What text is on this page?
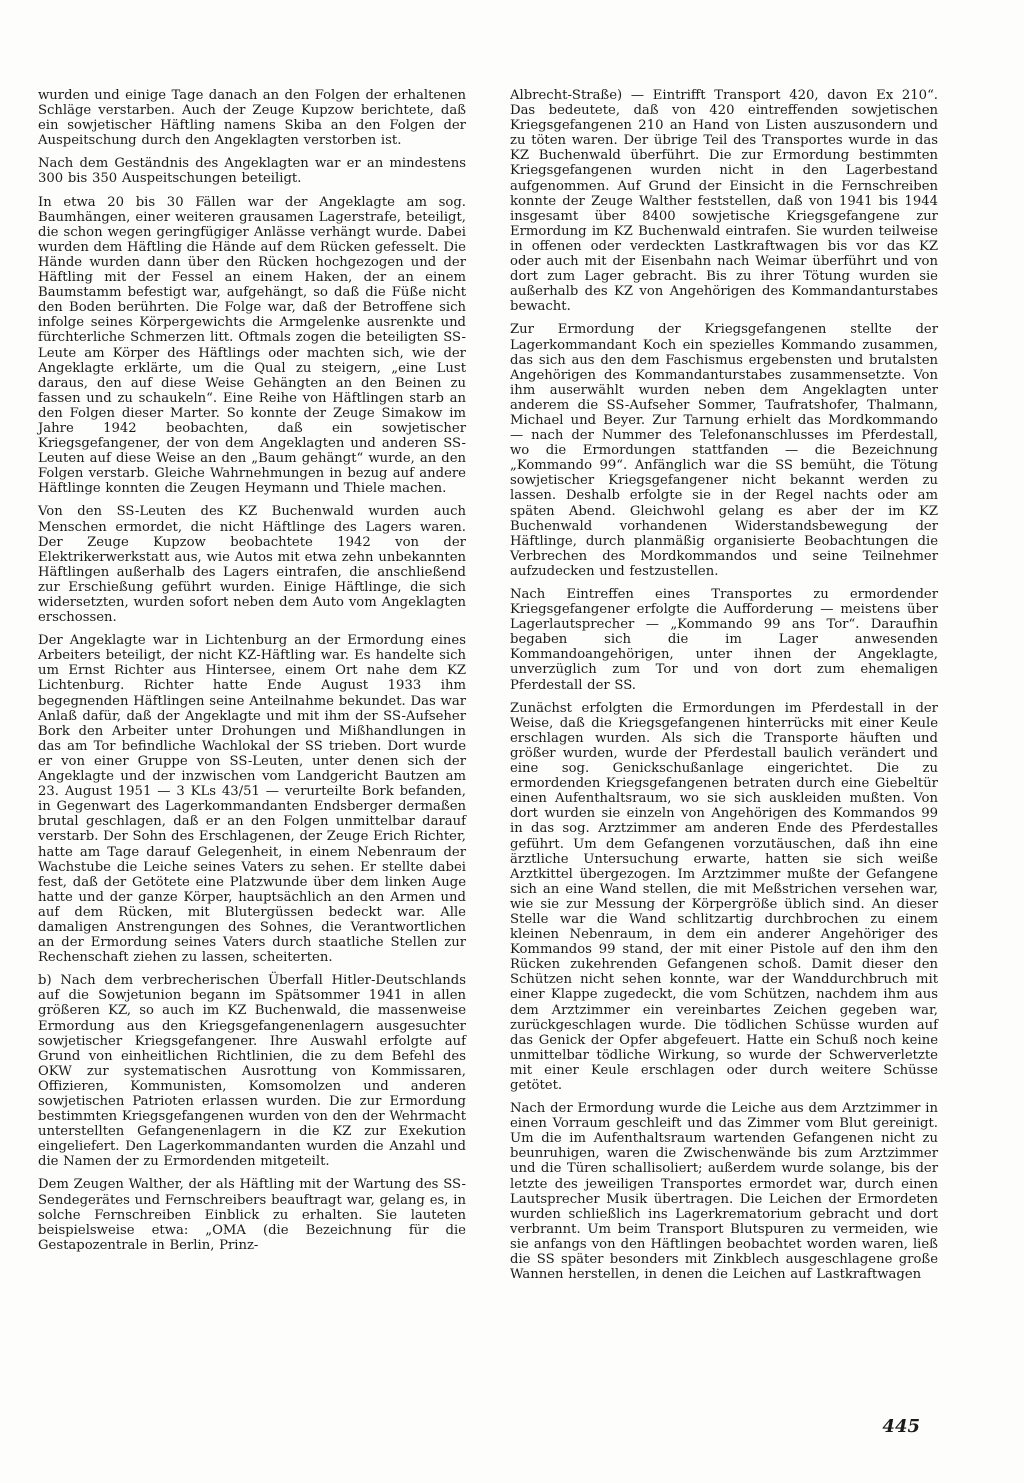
wurden und einige Tage danach an den Folgen der erhaltenen Schläge verstarben. Auch der Zeuge Kupzow berichtete, daß ein sowjetischer Häftling namens Skiba an den Folgen der Auspeitschung durch den Angeklagten verstorben ist.

Nach dem Geständnis des Angeklagten war er an mindestens 300 bis 350 Auspeitschungen beteiligt.

In etwa 20 bis 30 Fällen war der Angeklagte am sog. Baumhängen, einer weiteren grausamen Lagerstrafe, beteiligt, die schon wegen geringfügiger Anlässe verhängt wurde. Dabei wurden dem Häftling die Hände auf dem Rücken gefesselt. Die Hände wurden dann über den Rücken hochgezogen und der Häftling mit der Fessel an einem Haken, der an einem Baumstamm befestigt war, aufgehängt, so daß die Füße nicht den Boden berührten. Die Folge war, daß der Betroffene sich infolge seines Körpergewichts die Armgelenke ausrenkte und fürchterliche Schmerzen litt. Oftmals zogen die beteiligten SS-Leute am Körper des Häftlings oder machten sich, wie der Angeklagte erklärte, um die Qual zu steigern, „eine Lust daraus, den auf diese Weise Gehängten an den Beinen zu fassen und zu schaukeln“. Eine Reihe von Häftlingen starb an den Folgen dieser Marter. So konnte der Zeuge Simakow im Jahre 1942 beobachten, daß ein sowjetischer Kriegsgefangener, der von dem Angeklagten und anderen SS-Leuten auf diese Weise an den „Baum gehängt“ wurde, an den Folgen verstarb. Gleiche Wahrnehmungen in bezug auf andere Häftlinge konnten die Zeugen Heymann und Thiele machen.

Von den SS-Leuten des KZ Buchenwald wurden auch Menschen ermordet, die nicht Häftlinge des Lagers waren. Der Zeuge Kupzow beobachtete 1942 von der Elektrikerwerkstatt aus, wie Autos mit etwa zehn unbekannten Häftlingen außerhalb des Lagers eintrafen, die anschließend zur Erschießung geführt wurden. Einige Häftlinge, die sich widersetzten, wurden sofort neben dem Auto vom Angeklagten erschossen.

Der Angeklagte war in Lichtenburg an der Ermordung eines Arbeiters beteiligt, der nicht KZ-Häftling war. Es handelte sich um Ernst Richter aus Hintersee, einem Ort nahe dem KZ Lichtenburg. Richter hatte Ende August 1933 ihm begegnenden Häftlingen seine Anteilnahme bekundet. Das war Anlaß dafür, daß der Angeklagte und mit ihm der SS-Aufseher Bork den Arbeiter unter Drohungen und Mißhandlungen in das am Tor befindliche Wachlokal der SS trieben. Dort wurde er von einer Gruppe von SS-Leuten, unter denen sich der Angeklagte und der inzwischen vom Landgericht Bautzen am 23. August 1951 — 3 KLs 43/51 — verurteilte Bork befanden, in Gegenwart des Lagerkommandanten Endsberger dermaßen brutal geschlagen, daß er an den Folgen unmittelbar darauf verstarb. Der Sohn des Erschlagenen, der Zeuge Erich Richter, hatte am Tage darauf Gelegenheit, in einem Nebenraum der Wachstube die Leiche seines Vaters zu sehen. Er stellte dabei fest, daß der Getötete eine Platzwunde über dem linken Auge hatte und der ganze Körper, hauptsächlich an den Armen und auf dem Rücken, mit Blutergüssen bedeckt war. Alle damaligen Anstrengungen des Sohnes, die Verantwortlichen an der Ermordung seines Vaters durch staatliche Stellen zur Rechenschaft ziehen zu lassen, scheiterten.

b) Nach dem verbrecherischen Überfall Hitler-Deutschlands auf die Sowjetunion begann im Spätsommer 1941 in allen größeren KZ, so auch im KZ Buchenwald, die massenweise Ermordung aus den Kriegsgefangenenlagern ausgesuchter sowjetischer Kriegsgefangener. Ihre Auswahl erfolgte auf Grund von einheitlichen Richtlinien, die zu dem Befehl des OKW zur systematischen Ausrottung von Kommissaren, Offizieren, Kommunisten, Komsomolzen und anderen sowjetischen Patrioten erlassen wurden. Die zur Ermordung bestimmten Kriegsgefangenen wurden von den der Wehrmacht unterstellten Gefangenenlagern in die KZ zur Exekution eingeliefert. Den Lagerkommandanten wurden die Anzahl und die Namen der zu Ermordenden mitgeteilt.

Dem Zeugen Walther, der als Häftling mit der Wartung des SS-Sendegerätes und Fernschreibers beauftragt war, gelang es, in solche Fernschreiben Einblick zu erhalten. Sie lauteten beispielsweise etwa: „OMA (die Bezeichnung für die Gestapozentrale in Berlin, Prinz-

Albrecht-Straße) — Eintrifft Transport 420, davon Ex 210“. Das bedeutete, daß von 420 eintreffenden sowjetischen Kriegsgefangenen 210 an Hand von Listen auszusondern und zu töten waren. Der übrige Teil des Transportes wurde in das KZ Buchenwald überführt. Die zur Ermordung bestimmten Kriegsgefangenen wurden nicht in den Lagerbestand aufgenommen. Auf Grund der Einsicht in die Fernschreiben konnte der Zeuge Walther feststellen, daß von 1941 bis 1944 insgesamt über 8400 sowjetische Kriegsgefangene zur Ermordung im KZ Buchenwald eintrafen. Sie wurden teilweise in offenen oder verdeckten Lastkraftwagen bis vor das KZ oder auch mit der Eisenbahn nach Weimar überführt und von dort zum Lager gebracht. Bis zu ihrer Tötung wurden sie außerhalb des KZ von Angehörigen des Kommandanturstabes bewacht.

Zur Ermordung der Kriegsgefangenen stellte der Lagerkommandant Koch ein spezielles Kommando zusammen, das sich aus den dem Faschismus ergebensten und brutalsten Angehörigen des Kommandanturstabes zusammensetzte. Von ihm auserwählt wurden neben dem Angeklagten unter anderem die SS-Aufseher Sommer, Taufratshofer, Thalmann, Michael und Beyer. Zur Tarnung erhielt das Mordkommando — nach der Nummer des Telefonanschlusses im Pferdestall, wo die Ermordungen stattfanden — die Bezeichnung „Kommando 99“. Anfänglich war die SS bemüht, die Tötung sowjetischer Kriegsgefangener nicht bekannt werden zu lassen. Deshalb erfolgte sie in der Regel nachts oder am späten Abend. Gleichwohl gelang es aber der im KZ Buchenwald vorhandenen Widerstandsbewegung der Häftlinge, durch planmäßig organisierte Beobachtungen die Verbrechen des Mordkommandos und seine Teilnehmer aufzudecken und festzustellen.

Nach Eintreffen eines Transportes zu ermordender Kriegsgefangener erfolgte die Aufforderung — meistens über Lagerlautsprecher — „Kommando 99 ans Tor“. Daraufhin begaben sich die im Lager anwesenden Kommandoangehörigen, unter ihnen der Angeklagte, unverzüglich zum Tor und von dort zum ehemaligen Pferdestall der SS.

Zunächst erfolgten die Ermordungen im Pferdestall in der Weise, daß die Kriegsgefangenen hinterrücks mit einer Keule erschlagen wurden. Als sich die Transporte häuften und größer wurden, wurde der Pferdestall baulich verändert und eine sog. Genickschußanlage eingerichtet. Die zu ermordenden Kriegsgefangenen betraten durch eine Giebeltür einen Aufenthaltsraum, wo sie sich auskleiden mußten. Von dort wurden sie einzeln von Angehörigen des Kommandos 99 in das sog. Arztzimmer am anderen Ende des Pferdestalles geführt. Um dem Gefangenen vorzutäuschen, daß ihn eine ärztliche Untersuchung erwarte, hatten sie sich weiße Arztkittel übergezogen. Im Arztzimmer mußte der Gefangene sich an eine Wand stellen, die mit Meßstrichen versehen war, wie sie zur Messung der Körpergröße üblich sind. An dieser Stelle war die Wand schlitzartig durchbrochen zu einem kleinen Nebenraum, in dem ein anderer Angehöriger des Kommandos 99 stand, der mit einer Pistole auf den ihm den Rücken zukehrenden Gefangenen schoß. Damit dieser den Schützen nicht sehen konnte, war der Wanddurchbruch mit einer Klappe zugedeckt, die vom Schützen, nachdem ihm aus dem Arztzimmer ein vereinbartes Zeichen gegeben war, zurückgeschlagen wurde. Die tödlichen Schüsse wurden auf das Genick der Opfer abgefeuert. Hatte ein Schuß noch keine unmittelbar tödliche Wirkung, so wurde der Schwerverletzte mit einer Keule erschlagen oder durch weitere Schüsse getötet.

Nach der Ermordung wurde die Leiche aus dem Arztzimmer in einen Vorraum geschleift und das Zimmer vom Blut gereinigt. Um die im Aufenthaltsraum wartenden Gefangenen nicht zu beunruhigen, waren die Zwischenwände bis zum Arztzimmer und die Türen schallisoliert; außerdem wurde solange, bis der letzte des jeweiligen Transportes ermordet war, durch einen Lautsprecher Musik übertragen. Die Leichen der Ermordeten wurden schließlich ins Lagerkrematorium gebracht und dort verbrannt. Um beim Transport Blutspuren zu vermeiden, wie sie anfangs von den Häftlingen beobachtet worden waren, ließ die SS später besonders mit Zinkblech ausgeschlagene große Wannen herstellen, in denen die Leichen auf Lastkraftwagen

445
